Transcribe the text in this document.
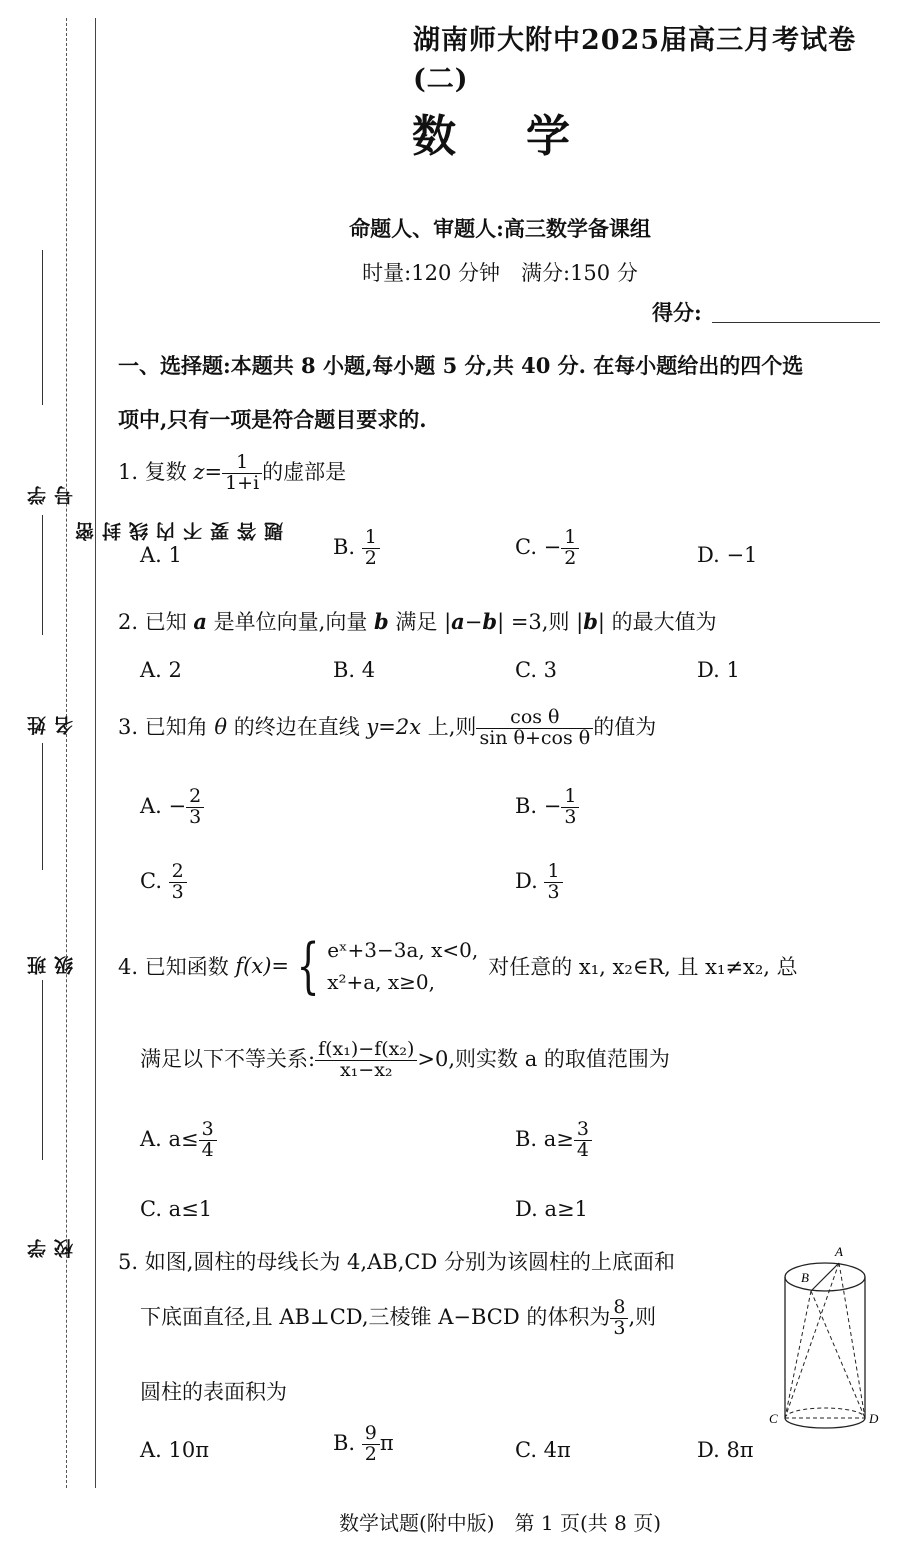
学 号
姓 名
班 级
学 校
密 封 线 内 不 要 答 题
湖南师大附中2025届高三月考试卷(二)
数学
命题人、审题人:高三数学备课组
时量:120 分钟　满分:150 分
得分:
一、选择题:本题共 8 小题,每小题 5 分,共 40 分. 在每小题给出的四个选
项中,只有一项是符合题目要求的.
1. 复数 $z= \frac{1}{1+i}$ 的虚部是
A. 1	B. $\frac{1}{2}$	C. − $\frac{1}{2}$	D. −1
2. 已知 a 是单位向量,向量 b 满足 |a−b| =3,则 |b| 的最大值为
A. 2	B. 4	C. 3	D. 1
3. 已知角 θ 的终边在直线 y=2x 上,则 $\frac{\text{cos θ}}{\text{sin θ+cos θ}}$ 的值为
A. − $\frac{2}{3}$	B. − $\frac{1}{3}$
C. $\frac{2}{3}$	D. $\frac{1}{3}$
4. 已知函数 f(x)= { eˣ+3−3a, x<0,
x²+a, x≥0,
对任意的 x₁, x₂∈R, 且 x₁≠x₂, 总
满足以下不等关系: $\frac{\text{f(x₁)−f(x₂)}}{\text{x₁−x₂}} >0$,则实数 a 的取值范围为
A. $a\le \frac{3}{4}$	B. $a\ge \frac{3}{4}$
C. a≤1	D. a≥1
5. 如图,圆柱的母线长为 4,AB,CD 分别为该圆柱的上底面和
下底面直径,且 AB⊥CD,三棱锥 A−BCD 的体积为 $\frac{8}{3}$ ,则
圆柱的表面积为
A
B
C	D
A. 10π	B. $\frac{9}{2}$ π	C. 4π	D. 8π
数学试题(附中版)　第 1 页(共 8 页)
